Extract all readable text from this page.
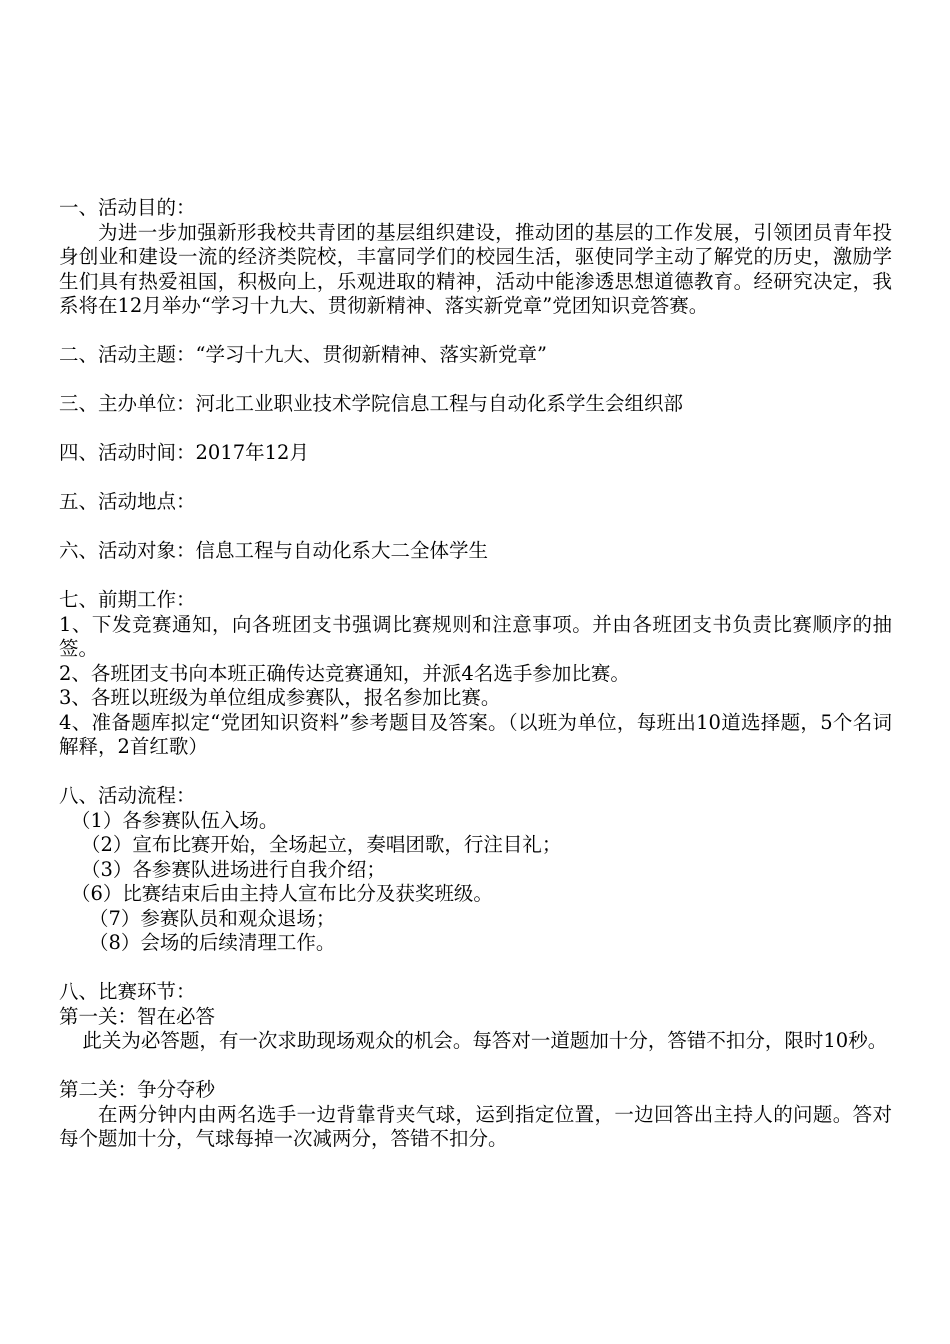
一、活动目的：

为进一步加强新形我校共青团的基层组织建设，推动团的基层的工作发展，引领团员青年投身创业和建设一流的经济类院校，丰富同学们的校园生活，驱使同学主动了解党的历史，激励学生们具有热爱祖国，积极向上，乐观进取的精神，活动中能渗透思想道德教育。经研究决定，我系将在12月举办“学习十九大、贯彻新精神、落实新党章”党团知识竞答赛。

二、活动主题：“学习十九大、贯彻新精神、落实新党章”

三、主办单位：河北工业职业技术学院信息工程与自动化系学生会组织部

四、活动时间：2017年12月

五、活动地点：

六、活动对象：信息工程与自动化系大二全体学生

七、前期工作：

1、下发竞赛通知，向各班团支书强调比赛规则和注意事项。并由各班团支书负责比赛顺序的抽签。

2、各班团支书向本班正确传达竞赛通知，并派4名选手参加比赛。

3、各班以班级为单位组成参赛队，报名参加比赛。

4、准备题库拟定“党团知识资料”参考题目及答案。（以班为单位，每班出10道选择题，5个名词解释，2首红歌）

八、活动流程：

（1）各参赛队伍入场。

（2）宣布比赛开始，全场起立，奏唱团歌，行注目礼；

（3）各参赛队进场进行自我介绍；

（6）比赛结束后由主持人宣布比分及获奖班级。

（7）参赛队员和观众退场；

（8）会场的后续清理工作。

八、比赛环节：

第一关：智在必答

此关为必答题，有一次求助现场观众的机会。每答对一道题加十分，答错不扣分，限时10秒。

第二关：争分夺秒

在两分钟内由两名选手一边背靠背夹气球，运到指定位置，一边回答出主持人的问题。答对每个题加十分，气球每掉一次减两分，答错不扣分。
